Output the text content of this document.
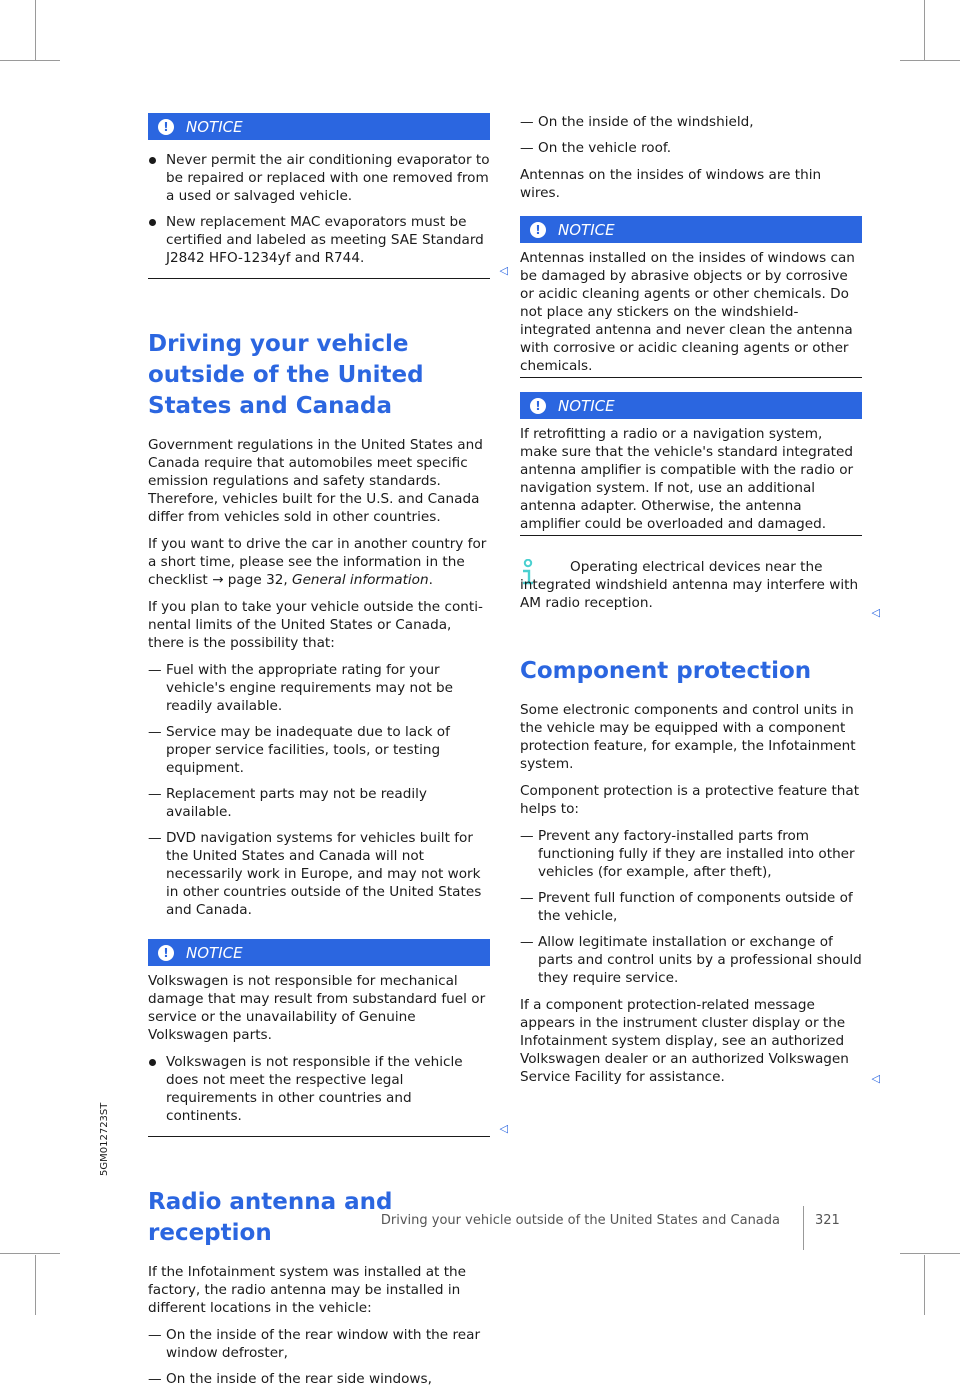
!	NOTICE
Never permit the air conditioning evaporator to be repaired or replaced with one removed from a used or salvaged vehicle.
New replacement MAC evaporators must be certified and labeled as meeting SAE Standard J2842 HFO-1234yf and R744.
◁
Driving your vehicle outside of the United States and Canada

Government regulations in the United States and Canada require that automobiles meet specific emission regulations and safety standards. Therefore, vehicles built for the U.S. and Canada differ from vehicles sold in other countries.

If you want to drive the car in another country for a short time, please see the information in the checklist → page 32, General information.

If you plan to take your vehicle outside the continental limits of the United States or Canada, there is the possibility that:

— Fuel with the appropriate rating for your vehicle's engine requirements may not be readily available.
— Service may be inadequate due to lack of proper service facilities, tools, or testing equipment.
— Replacement parts may not be readily available.
— DVD navigation systems for vehicles built for the United States and Canada will not necessarily work in Europe, and may not work in other countries outside of the United States and Canada.
!	NOTICE

Volkswagen is not responsible for mechanical damage that may result from substandard fuel or service or the unavailability of Genuine Volkswagen parts.

Volkswagen is not responsible if the vehicle does not meet the respective legal requirements in other countries and continents.
◁
Radio antenna and reception

If the Infotainment system was installed at the factory, the radio antenna may be installed in different locations in the vehicle:

— On the inside of the rear window with the rear window defroster,
— On the inside of the rear side windows,
— On the inside of the windshield,
— On the vehicle roof.

Antennas on the insides of windows are thin wires.

!	NOTICE

Antennas installed on the insides of windows can be damaged by abrasive objects or by corrosive or acidic cleaning agents or other chemicals. Do not place any stickers on the windshield-integrated antenna and never clean the antenna with corrosive or acidic cleaning agents or other chemicals.

!	NOTICE

If retrofitting a radio or a navigation system, make sure that the vehicle's standard integrated antenna amplifier is compatible with the radio or navigation system. If not, use an additional antenna adapter. Otherwise, the antenna amplifier could be overloaded and damaged.

Operating electrical devices near the integrated windshield antenna may interfere with AM radio reception.
◁

Component protection

Some electronic components and control units in the vehicle may be equipped with a component protection feature, for example, the Infotainment system.

Component protection is a protective feature that helps to:

— Prevent any factory-installed parts from functioning fully if they are installed into other vehicles (for example, after theft),
— Prevent full function of components outside of the vehicle,
— Allow legitimate installation or exchange of parts and control units by a professional should they require service.

If a component protection-related message appears in the instrument cluster display or the Infotainment system display, see an authorized Volkswagen dealer or an authorized Volkswagen Service Facility for assistance.	◁

5GM012723ST
Driving your vehicle outside of the United States and Canada	321
